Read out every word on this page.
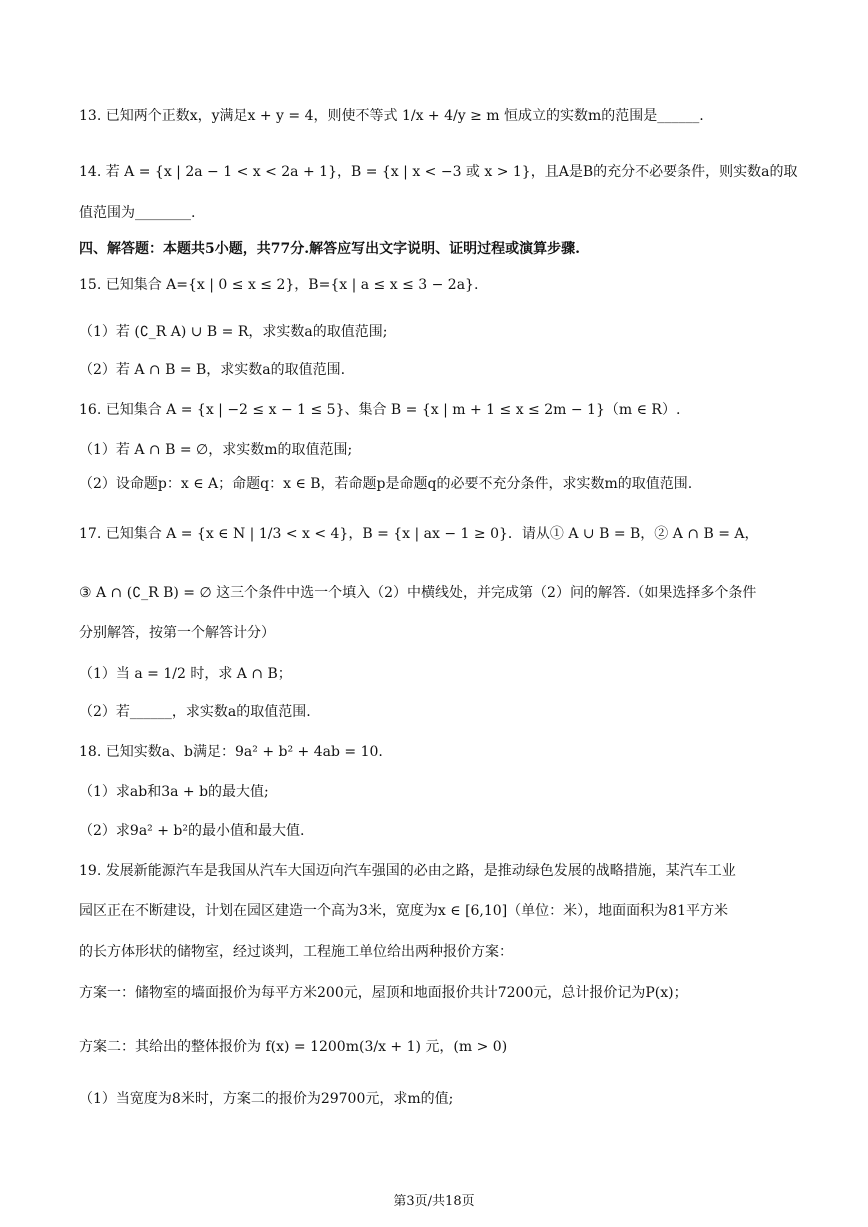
13. 已知两个正数x，y满足x + y = 4，则使不等式 1/x + 4/y ≥ m 恒成立的实数m的范围是______.
14. 若 A = {x | 2a − 1 < x < 2a + 1}，B = {x | x < −3 或 x > 1}，且A是B的充分不必要条件，则实数a的取
值范围为________.
四、解答题：本题共5小题，共77分.解答应写出文字说明、证明过程或演算步骤.
15. 已知集合 A={x | 0 ≤ x ≤ 2}，B={x | a ≤ x ≤ 3 − 2a}.
（1）若 (∁_R A) ∪ B = R，求实数a的取值范围;
（2）若 A ∩ B = B，求实数a的取值范围.
16. 已知集合 A = {x | −2 ≤ x − 1 ≤ 5}、集合 B = {x | m + 1 ≤ x ≤ 2m − 1}（m ∈ R）.
（1）若 A ∩ B = ∅，求实数m的取值范围;
（2）设命题p：x ∈ A；命题q：x ∈ B，若命题p是命题q的必要不充分条件，求实数m的取值范围.
17. 已知集合 A = {x ∈ N | 1/3 < x < 4}，B = {x | ax − 1 ≥ 0}．请从① A ∪ B = B，② A ∩ B = A，
③ A ∩ (∁_R B) = ∅ 这三个条件中选一个填入（2）中横线处，并完成第（2）问的解答.（如果选择多个条件
分别解答，按第一个解答计分）
（1）当 a = 1/2 时，求 A ∩ B；
（2）若______，求实数a的取值范围.
18. 已知实数a、b满足：9a² + b² + 4ab = 10.
（1）求ab和3a + b的最大值;
（2）求9a² + b²的最小值和最大值.
19. 发展新能源汽车是我国从汽车大国迈向汽车强国的必由之路，是推动绿色发展的战略措施，某汽车工业
园区正在不断建设，计划在园区建造一个高为3米，宽度为x ∈ [6,10]（单位：米），地面面积为81平方米
的长方体形状的储物室，经过谈判，工程施工单位给出两种报价方案：
方案一：储物室的墙面报价为每平方米200元，屋顶和地面报价共计7200元，总计报价记为P(x)；
方案二：其给出的整体报价为 f(x) = 1200m(3/x + 1) 元，(m > 0)
（1）当宽度为8米时，方案二的报价为29700元，求m的值;
第3页/共18页
